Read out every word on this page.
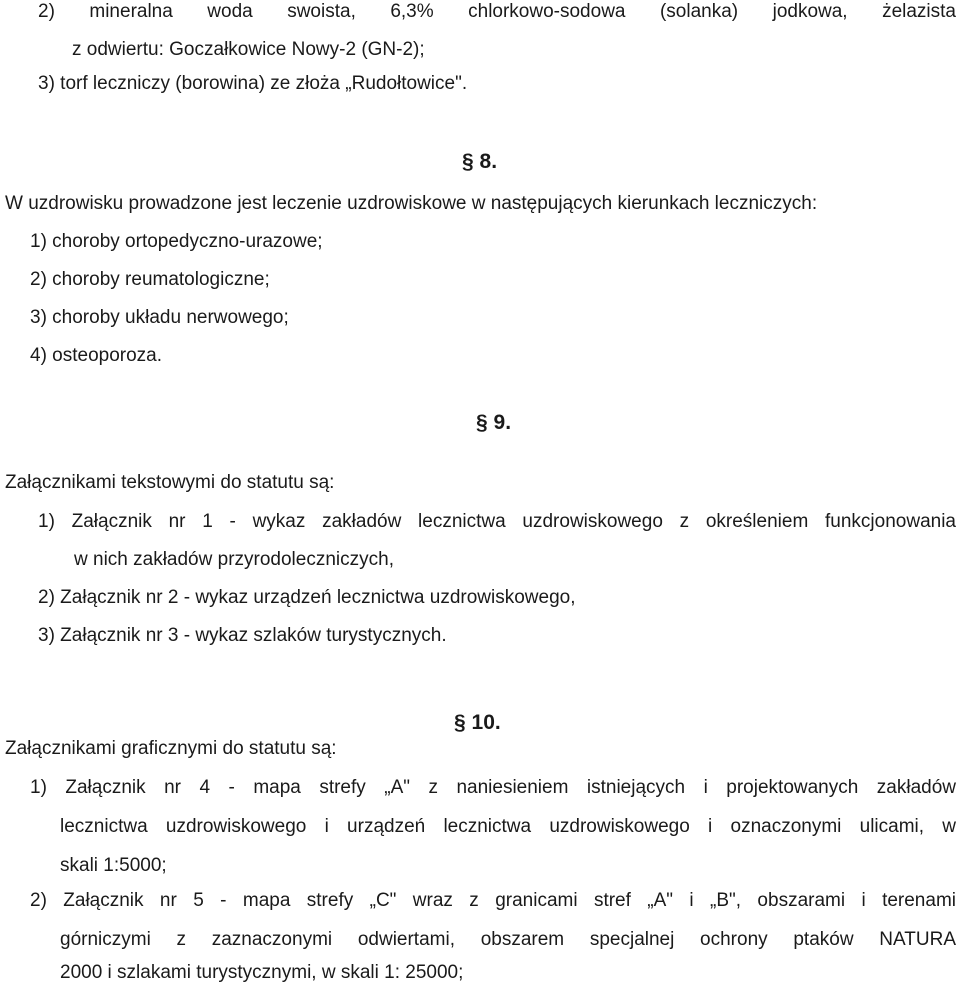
2) mineralna woda swoista, 6,3% chlorkowo-sodowa (solanka) jodkowa, żelazista
z odwiertu: Goczałkowice Nowy-2 (GN-2);
3) torf leczniczy (borowina) ze złoża „Rudołtowice".
§ 8.
W uzdrowisku prowadzone jest leczenie uzdrowiskowe w następujących kierunkach leczniczych:
1) choroby ortopedyczno-urazowe;
2) choroby reumatologiczne;
3) choroby układu nerwowego;
4) osteoporoza.
§ 9.
Załącznikami tekstowymi do statutu są:
1) Załącznik nr 1 - wykaz zakładów lecznictwa uzdrowiskowego z określeniem funkcjonowania
w nich zakładów przyrodoleczniczych,
2) Załącznik nr 2 - wykaz urządzeń lecznictwa uzdrowiskowego,
3) Załącznik nr 3 - wykaz szlaków turystycznych.
§ 10.
Załącznikami graficznymi do statutu są:
1) Załącznik nr 4 - mapa strefy „A" z naniesieniem istniejących i projektowanych zakładów
lecznictwa uzdrowiskowego i urządzeń lecznictwa uzdrowiskowego i oznaczonymi ulicami, w
skali 1:5000;
2) Załącznik nr 5 - mapa strefy „C" wraz z granicami stref „A" i „B", obszarami i terenami
górniczymi z zaznaczonymi odwiertami, obszarem specjalnej ochrony ptaków NATURA
2000 i szlakami turystycznymi, w skali 1: 25000;
